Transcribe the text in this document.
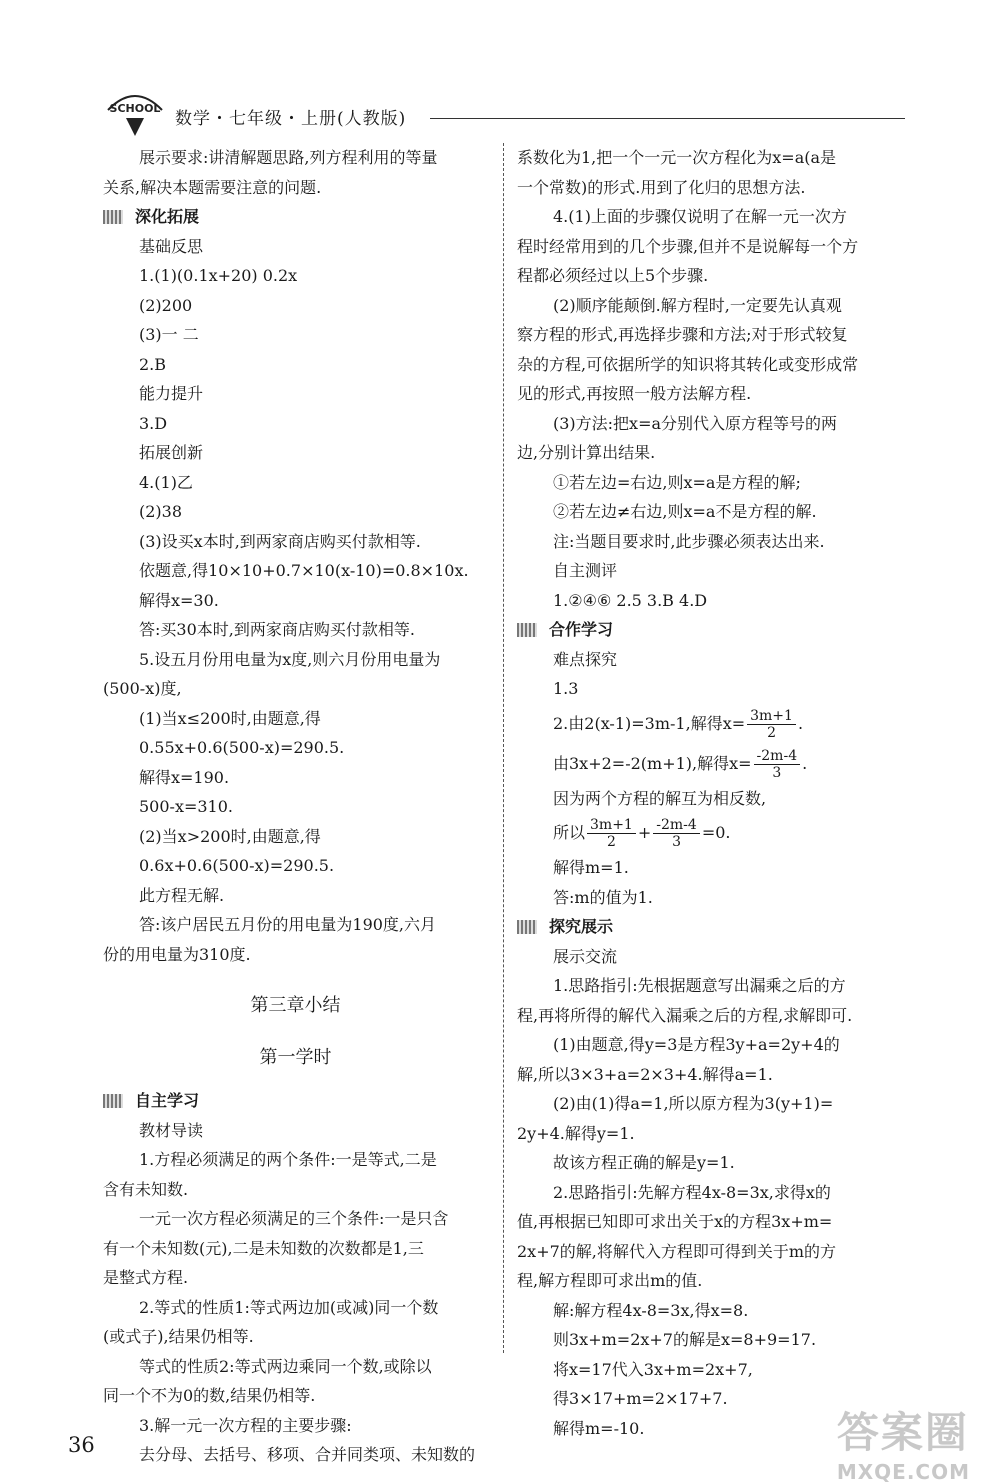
SCHOOL
数学・七年级・上册(人教版)
展示要求:讲清解题思路,列方程利用的等量
关系,解决本题需要注意的问题.
深化拓展
基础反思
1.(1)(0.1x+20) 0.2x
(2)200
(3)一 二
2.B
能力提升
3.D
拓展创新
4.(1)乙
(2)38
(3)设买x本时,到两家商店购买付款相等.
依题意,得10×10+0.7×10(x-10)=0.8×10x.
解得x=30.
答:买30本时,到两家商店购买付款相等.
5.设五月份用电量为x度,则六月份用电量为
(500-x)度,
(1)当x≤200时,由题意,得
0.55x+0.6(500-x)=290.5.
解得x=190.
500-x=310.
(2)当x>200时,由题意,得
0.6x+0.6(500-x)=290.5.
此方程无解.
答:该户居民五月份的用电量为190度,六月
份的用电量为310度.
第三章小结
第一学时
自主学习
教材导读
1.方程必须满足的两个条件:一是等式,二是
含有未知数.
一元一次方程必须满足的三个条件:一是只含
有一个未知数(元),二是未知数的次数都是1,三
是整式方程.
2.等式的性质1:等式两边加(或减)同一个数
(或式子),结果仍相等.
等式的性质2:等式两边乘同一个数,或除以
同一个不为0的数,结果仍相等.
3.解一元一次方程的主要步骤:
去分母、去括号、移项、合并同类项、未知数的
系数化为1,把一个一元一次方程化为x=a(a是
一个常数)的形式.用到了化归的思想方法.
4.(1)上面的步骤仅说明了在解一元一次方
程时经常用到的几个步骤,但并不是说解每一个方
程都必须经过以上5个步骤.
(2)顺序能颠倒.解方程时,一定要先认真观
察方程的形式,再选择步骤和方法;对于形式较复
杂的方程,可依据所学的知识将其转化或变形成常
见的形式,再按照一般方法解方程.
(3)方法:把x=a分别代入原方程等号的两
边,分别计算出结果.
①若左边=右边,则x=a是方程的解;
②若左边≠右边,则x=a不是方程的解.
注:当题目要求时,此步骤必须表达出来.
自主测评
1.②④⑥ 2.5 3.B 4.D
合作学习
难点探究
1.3
2.由2(x-1)=3m-1,解得$x= \frac{3m+1}{2}$ .
由3x+2=-2(m+1),解得$x= \frac{-2m-4}{3}$ .
因为两个方程的解互为相反数,
所以 $\frac{3m+1}{2} + \frac{-2m-4}{3} =0$.
解得m=1.
答:m的值为1.
探究展示
展示交流
1.思路指引:先根据题意写出漏乘之后的方
程,再将所得的解代入漏乘之后的方程,求解即可.
(1)由题意,得y=3是方程3y+a=2y+4的
解,所以3×3+a=2×3+4.解得a=1.
(2)由(1)得a=1,所以原方程为3(y+1)=
2y+4.解得y=1.
故该方程正确的解是y=1.
2.思路指引:先解方程4x-8=3x,求得x的
值,再根据已知即可求出关于x的方程3x+m=
2x+7的解,将解代入方程即可得到关于m的方
程,解方程即可求出m的值.
解:解方程4x-8=3x,得x=8.
则3x+m=2x+7的解是x=8+9=17.
将x=17代入3x+m=2x+7,
得3×17+m=2×17+7.
解得m=-10.
36	答案圈
MXQE.COM
